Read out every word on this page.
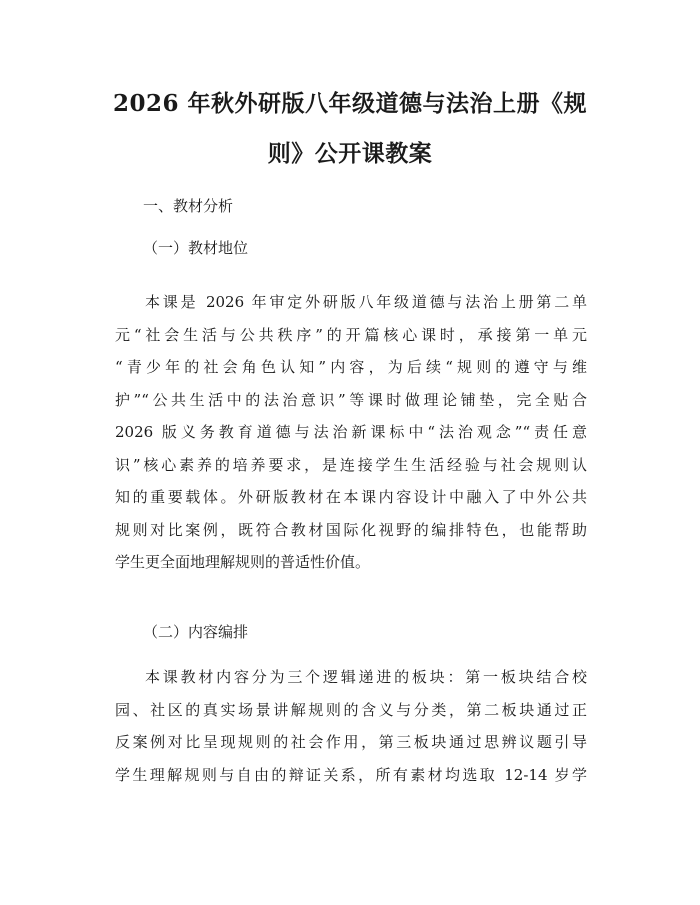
2026 年秋外研版八年级道德与法治上册《规
则》公开课教案
一、教材分析
（一）教材地位
本课是 2026 年审定外研版八年级道德与法治上册第二单
元“社会生活与公共秩序”的开篇核心课时，承接第一单元
“青少年的社会角色认知”内容，为后续“规则的遵守与维
护”“公共生活中的法治意识”等课时做理论铺垫，完全贴合
2026 版义务教育道德与法治新课标中“法治观念”“责任意
识”核心素养的培养要求，是连接学生生活经验与社会规则认
知的重要载体。外研版教材在本课内容设计中融入了中外公共
规则对比案例，既符合教材国际化视野的编排特色，也能帮助
学生更全面地理解规则的普适性价值。
（二）内容编排
本课教材内容分为三个逻辑递进的板块：第一板块结合校
园、社区的真实场景讲解规则的含义与分类，第二板块通过正
反案例对比呈现规则的社会作用，第三板块通过思辨议题引导
学生理解规则与自由的辩证关系，所有素材均选取 12-14 岁学
